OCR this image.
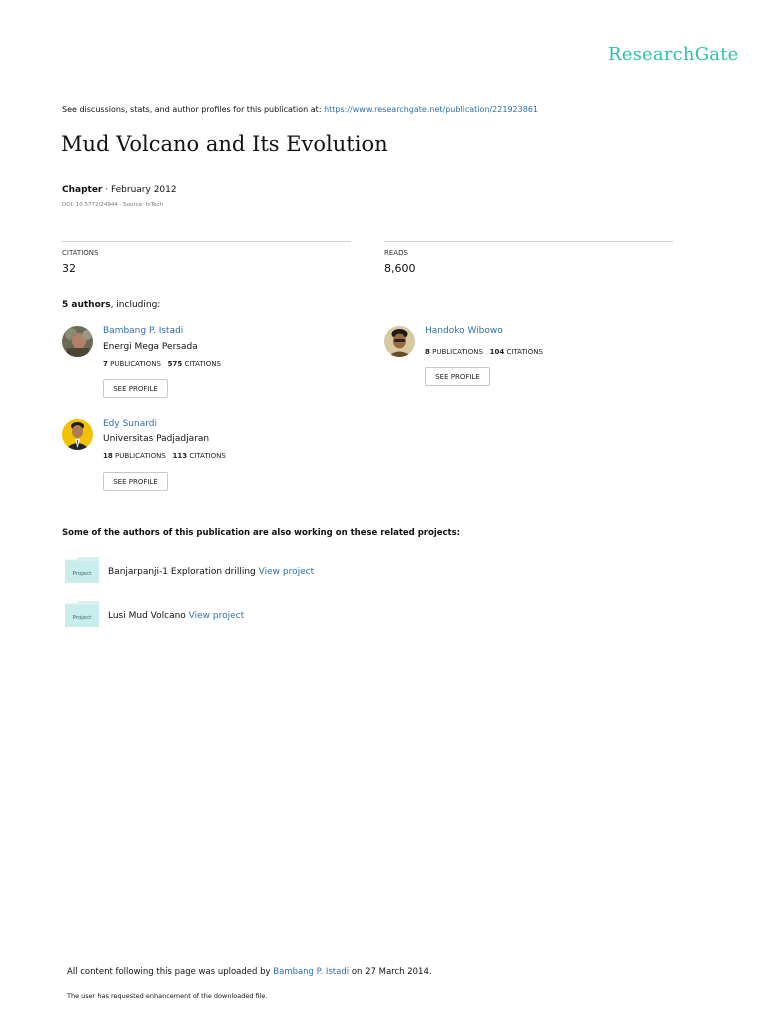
ResearchGate
See discussions, stats, and author profiles for this publication at: https://www.researchgate.net/publication/221923861
Mud Volcano and Its Evolution
Chapter · February 2012
DOI: 10.5772/24944 · Source: InTech
CITATIONS
32
READS
8,600
5 authors, including:
Bambang P. Istadi
Energi Mega Persada
7 PUBLICATIONS 575 CITATIONS
SEE PROFILE
Handoko Wibowo
8 PUBLICATIONS 104 CITATIONS
SEE PROFILE
Edy Sunardi
Universitas Padjadjaran
18 PUBLICATIONS 113 CITATIONS
SEE PROFILE
Some of the authors of this publication are also working on these related projects:
Project Banjarpanji-1 Exploration drilling View project
Project Lusi Mud Volcano View project
All content following this page was uploaded by Bambang P. Istadi on 27 March 2014.
The user has requested enhancement of the downloaded file.
